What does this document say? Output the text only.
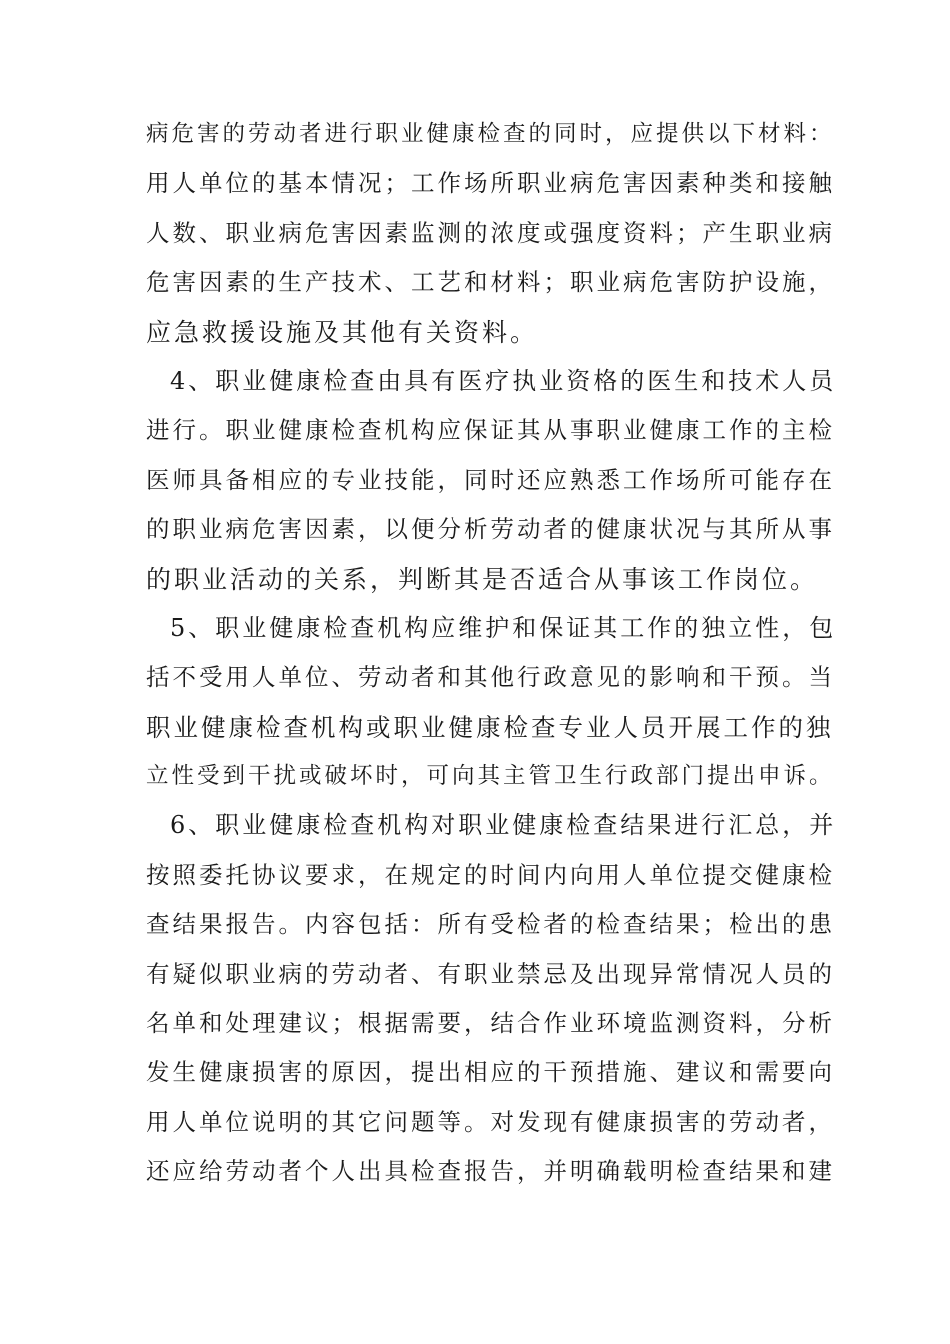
病危害的劳动者进行职业健康检查的同时，应提供以下材料：
用人单位的基本情况；工作场所职业病危害因素种类和接触
人数、职业病危害因素监测的浓度或强度资料；产生职业病
危害因素的生产技术、工艺和材料；职业病危害防护设施，
应急救援设施及其他有关资料。
4、职业健康检查由具有医疗执业资格的医生和技术人员
进行。职业健康检查机构应保证其从事职业健康工作的主检
医师具备相应的专业技能，同时还应熟悉工作场所可能存在
的职业病危害因素，以便分析劳动者的健康状况与其所从事
的职业活动的关系，判断其是否适合从事该工作岗位。
5、职业健康检查机构应维护和保证其工作的独立性，包
括不受用人单位、劳动者和其他行政意见的影响和干预。当
职业健康检查机构或职业健康检查专业人员开展工作的独
立性受到干扰或破坏时，可向其主管卫生行政部门提出申诉。
6、职业健康检查机构对职业健康检查结果进行汇总，并
按照委托协议要求，在规定的时间内向用人单位提交健康检
查结果报告。内容包括：所有受检者的检查结果；检出的患
有疑似职业病的劳动者、有职业禁忌及出现异常情况人员的
名单和处理建议；根据需要，结合作业环境监测资料，分析
发生健康损害的原因，提出相应的干预措施、建议和需要向
用人单位说明的其它问题等。对发现有健康损害的劳动者，
还应给劳动者个人出具检查报告，并明确载明检查结果和建
